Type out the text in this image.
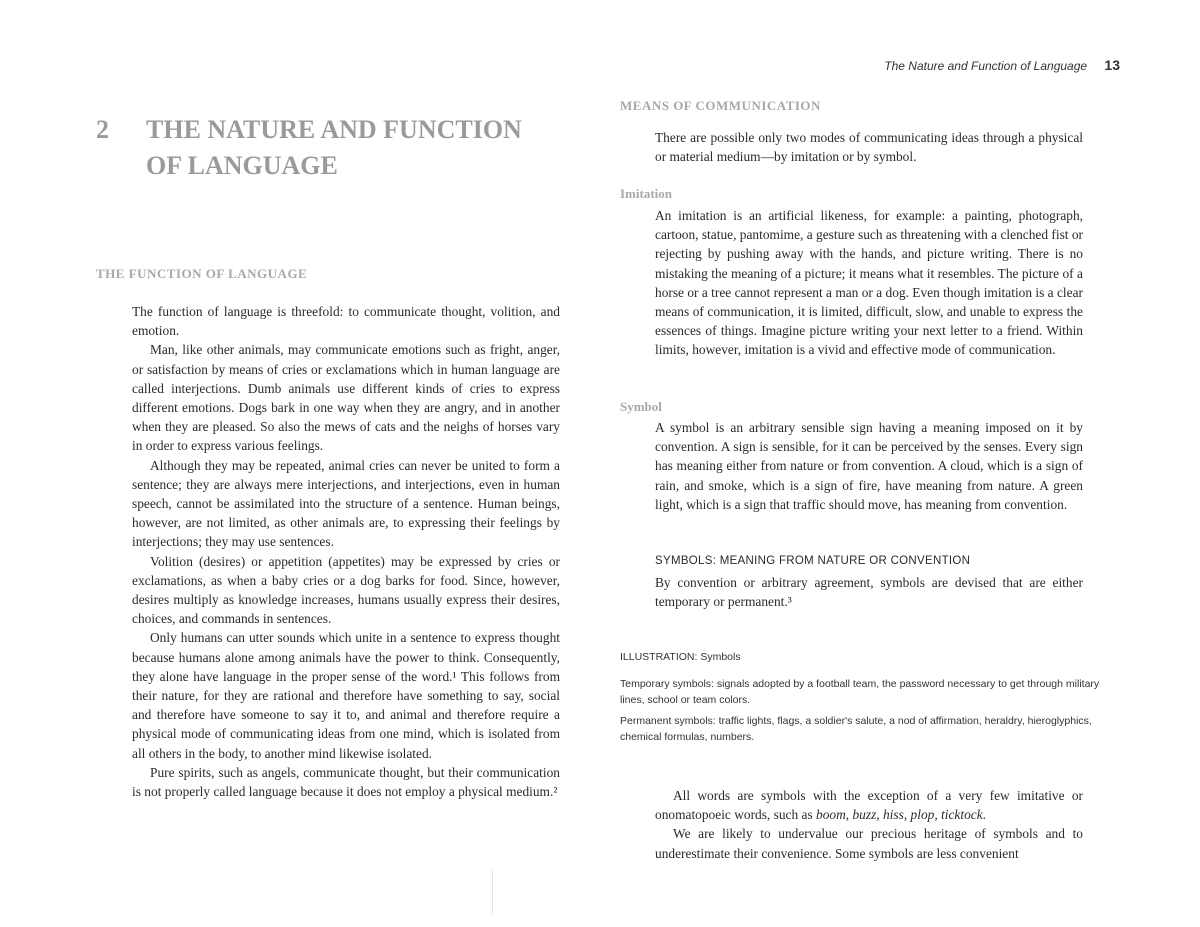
The Nature and Function of Language 13
2 THE NATURE AND FUNCTION OF LANGUAGE
THE FUNCTION OF LANGUAGE

The function of language is threefold: to communicate thought, volition, and emotion.

Man, like other animals, may communicate emotions such as fright, anger, or satisfaction by means of cries or exclamations which in human language are called interjections. Dumb animals use different kinds of cries to express different emotions. Dogs bark in one way when they are angry, and in another when they are pleased. So also the mews of cats and the neighs of horses vary in order to express various feelings.

Although they may be repeated, animal cries can never be united to form a sentence; they are always mere interjections, and interjections, even in human speech, cannot be assimilated into the structure of a sentence. Human beings, however, are not limited, as other animals are, to expressing their feelings by interjections; they may use sentences.

Volition (desires) or appetition (appetites) may be expressed by cries or exclamations, as when a baby cries or a dog barks for food. Since, however, desires multiply as knowledge increases, humans usually express their desires, choices, and commands in sentences.

Only humans can utter sounds which unite in a sentence to express thought because humans alone among animals have the power to think. Consequently, they alone have language in the proper sense of the word.¹ This follows from their nature, for they are rational and therefore have something to say, social and therefore have someone to say it to, and animal and therefore require a physical mode of communicating ideas from one mind, which is isolated from all others in the body, to another mind likewise isolated.

Pure spirits, such as angels, communicate thought, but their communication is not properly called language because it does not employ a physical medium.²

MEANS OF COMMUNICATION

There are possible only two modes of communicating ideas through a physical or material medium—by imitation or by symbol.

Imitation

An imitation is an artificial likeness, for example: a painting, photograph, cartoon, statue, pantomime, a gesture such as threatening with a clenched fist or rejecting by pushing away with the hands, and picture writing. There is no mistaking the meaning of a picture; it means what it resembles. The picture of a horse or a tree cannot represent a man or a dog. Even though imitation is a clear means of communication, it is limited, difficult, slow, and unable to express the essences of things. Imagine picture writing your next letter to a friend. Within limits, however, imitation is a vivid and effective mode of communication.

Symbol

A symbol is an arbitrary sensible sign having a meaning imposed on it by convention. A sign is sensible, for it can be perceived by the senses. Every sign has meaning either from nature or from convention. A cloud, which is a sign of rain, and smoke, which is a sign of fire, have meaning from nature. A green light, which is a sign that traffic should move, has meaning from convention.

SYMBOLS: MEANING FROM NATURE OR CONVENTION

By convention or arbitrary agreement, symbols are devised that are either temporary or permanent.³

ILLUSTRATION: Symbols

Temporary symbols: signals adopted by a football team, the password necessary to get through military lines, school or team colors.

Permanent symbols: traffic lights, flags, a soldier's salute, a nod of affirmation, heraldry, hieroglyphics, chemical formulas, numbers.

All words are symbols with the exception of a very few imitative or onomatopoeic words, such as boom, buzz, hiss, plop, ticktock.

We are likely to undervalue our precious heritage of symbols and to underestimate their convenience. Some symbols are less convenient
